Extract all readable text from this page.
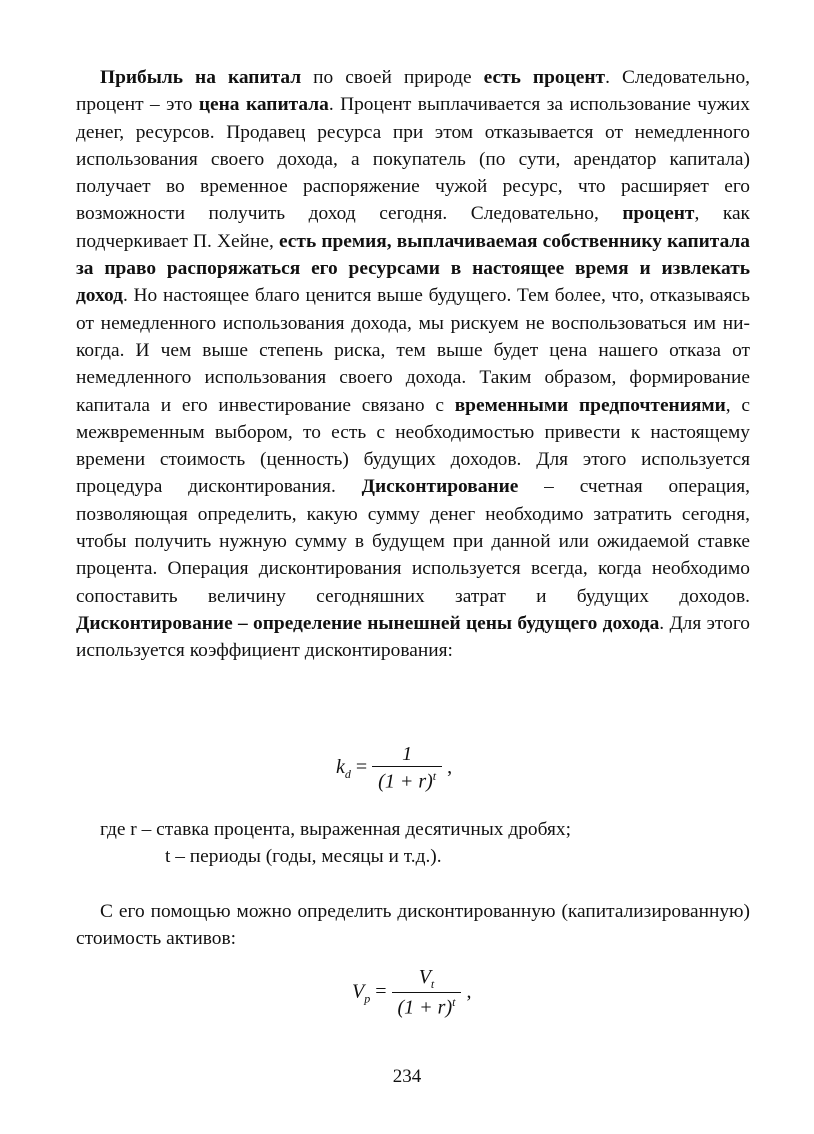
Прибыль на капитал по своей природе есть процент. Следовательно, процент – это цена капитала. Процент выплачивается за использование чужих денег, ресурсов. Продавец ресурса при этом отказывается от немедленного использования своего дохода, а покупатель (по сути, арендатор капитала) получает во временное распоряжение чужой ресурс, что расширяет его возможности получить доход сегодня. Следовательно, процент, как подчеркивает П. Хейне, есть премия, выплачиваемая собственнику капитала за право распоряжаться его ресурсами в настоящее время и извлекать доход. Но настоящее благо ценится выше будущего. Тем более, что, отказываясь от немедленного использования дохода, мы рискуем не воспользоваться им никогда. И чем выше степень риска, тем выше будет цена нашего отказа от немедленного использования своего дохода. Таким образом, формирование капитала и его инвестирование связано с временными предпочтениями, с межвременным выбором, то есть с необходимостью привести к настоящему времени стоимость (ценность) будущих доходов. Для этого используется процедура дисконтирования. Дисконтирование – счетная операция, позволяющая определить, какую сумму денег необходимо затратить сегодня, чтобы получить нужную сумму в будущем при данной или ожидаемой ставке процента. Операция дисконтирования используется всегда, когда необходимо сопоставить величину сегодняшних затрат и будущих доходов. Дисконтирование – определение нынешней цены будущего дохода. Для этого используется коэффициент дисконтирования:

$k_d = \frac{1}{(1 + r)^t}$ ,
где r – ставка процента, выраженная десятичных дробях;
t – периоды (годы, месяцы и т.д.).

С его помощью можно определить дисконтированную (капитализированную) стоимость активов:

$V_p = \frac{V_t}{(1 + r)^t}$ ,
234
